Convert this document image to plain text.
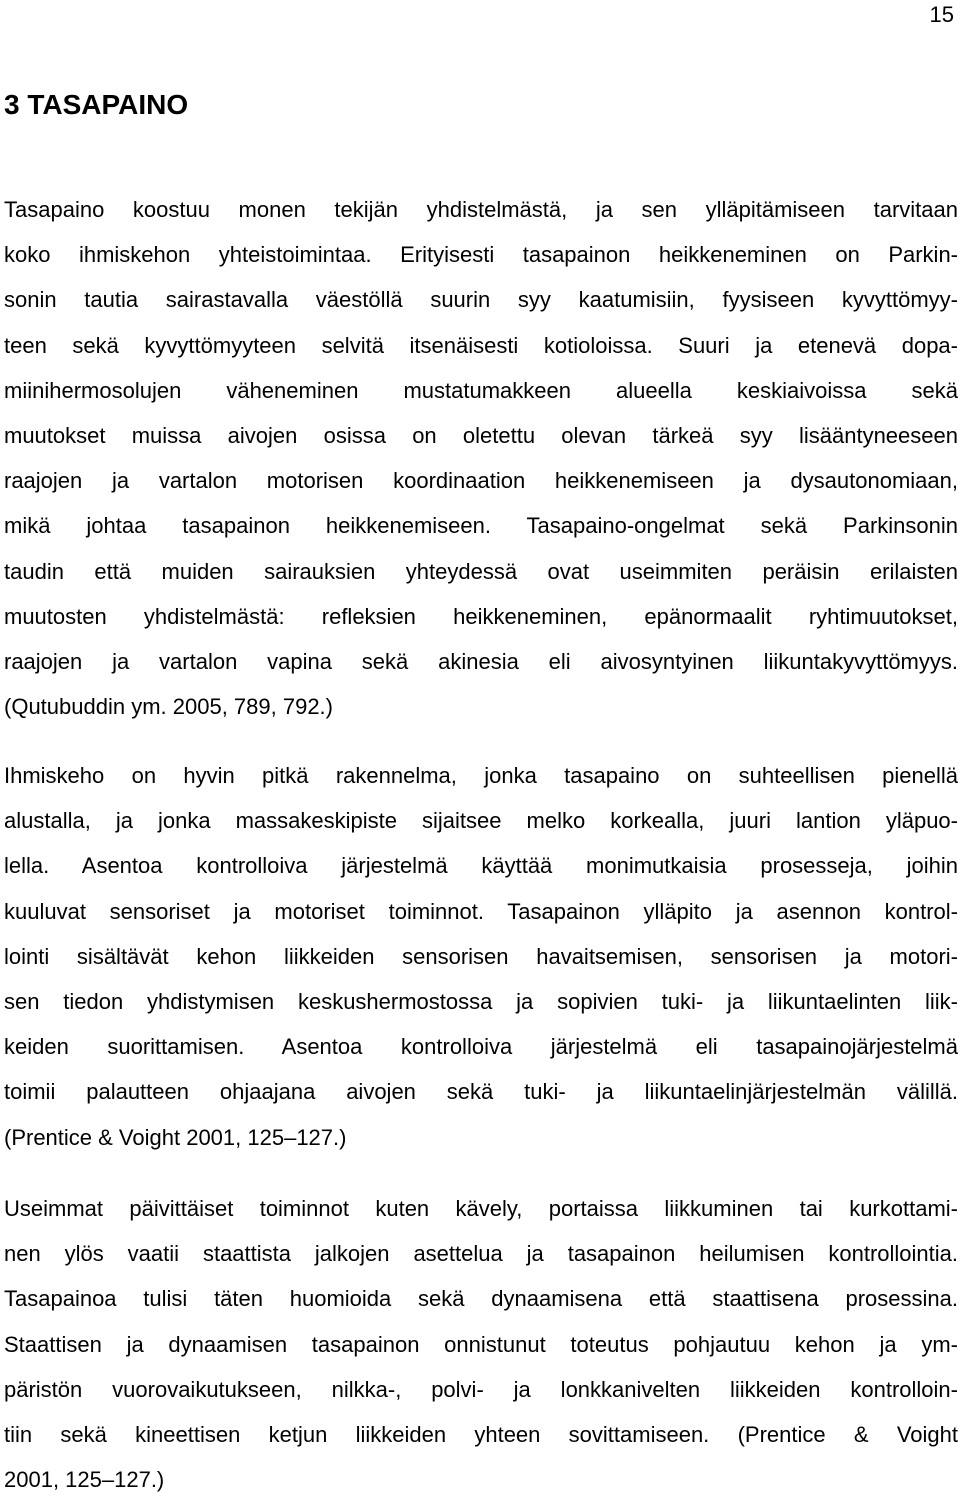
15
3 TASAPAINO
Tasapaino koostuu monen tekijän yhdistelmästä, ja sen ylläpitämiseen tarvitaan
koko ihmiskehon yhteistoimintaa. Erityisesti tasapainon heikkeneminen on Parkin-
sonin tautia sairastavalla väestöllä suurin syy kaatumisiin, fyysiseen kyvyttömyy-
teen sekä kyvyttömyyteen selvitä itsenäisesti kotioloissa. Suuri ja etenevä dopa-
miinihermosolujen väheneminen mustatumakkeen alueella keskiaivoissa sekä
muutokset muissa aivojen osissa on oletettu olevan tärkeä syy lisääntyneeseen
raajojen ja vartalon motorisen koordinaation heikkenemiseen ja dysautonomiaan,
mikä johtaa tasapainon heikkenemiseen. Tasapaino-ongelmat sekä Parkinsonin
taudin että muiden sairauksien yhteydessä ovat useimmiten peräisin erilaisten
muutosten yhdistelmästä: refleksien heikkeneminen, epänormaalit ryhtimuutokset,
raajojen ja vartalon vapina sekä akinesia eli aivosyntyinen liikuntakyvyttömyys.
(Qutubuddin ym. 2005, 789, 792.)
Ihmiskeho on hyvin pitkä rakennelma, jonka tasapaino on suhteellisen pienellä
alustalla, ja jonka massakeskipiste sijaitsee melko korkealla, juuri lantion yläpuo-
lella. Asentoa kontrolloiva järjestelmä käyttää monimutkaisia prosesseja, joihin
kuuluvat sensoriset ja motoriset toiminnot. Tasapainon ylläpito ja asennon kontrol-
lointi sisältävät kehon liikkeiden sensorisen havaitsemisen, sensorisen ja motori-
sen tiedon yhdistymisen keskushermostossa ja sopivien tuki- ja liikuntaelinten liik-
keiden suorittamisen. Asentoa kontrolloiva järjestelmä eli tasapainojärjestelmä
toimii palautteen ohjaajana aivojen sekä tuki- ja liikuntaelinjärjestelmän välillä.
(Prentice & Voight 2001, 125–127.)
Useimmat päivittäiset toiminnot kuten kävely, portaissa liikkuminen tai kurkottami-
nen ylös vaatii staattista jalkojen asettelua ja tasapainon heilumisen kontrollointia.
Tasapainoa tulisi täten huomioida sekä dynaamisena että staattisena prosessina.
Staattisen ja dynaamisen tasapainon onnistunut toteutus pohjautuu kehon ja ym-
päristön vuorovaikutukseen, nilkka-, polvi- ja lonkkanivelten liikkeiden kontrolloin-
tiin sekä kineettisen ketjun liikkeiden yhteen sovittamiseen. (Prentice & Voight
2001, 125–127.)
